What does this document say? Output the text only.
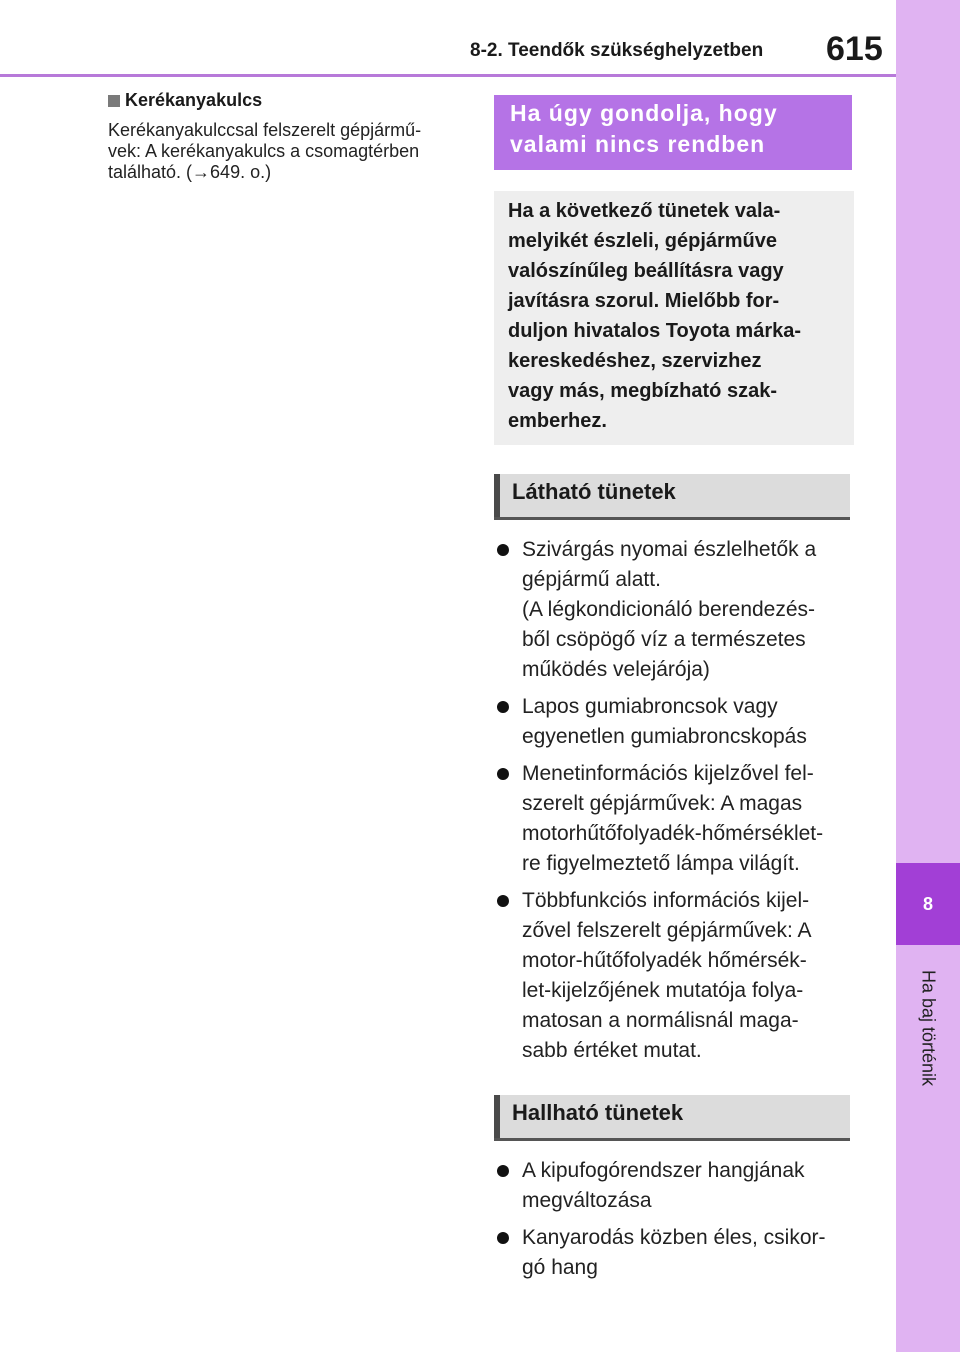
8-2. Teendők szükséghelyzetben 615
8
Ha baj történik
Kerékanyakulcs
Kerékanyakulccsal felszerelt gépjármű-
vek: A kerékanyakulcs a csomagtérben
található. (→649. o.)
Ha úgy gondolja, hogy valami nincs rendben
Ha a következő tünetek vala-
melyikét észleli, gépjárműve
valószínűleg beállításra vagy
javításra szorul. Mielőbb for-
duljon hivatalos Toyota márka-
kereskedéshez, szervizhez
vagy más, megbízható szak-
emberhez.
Látható tünetek
Szivárgás nyomai észlelhetők a
gépjármű alatt.
(A légkondicionáló berendezés-
ből csöpögő víz a természetes
működés velejárója)
Lapos gumiabroncsok vagy
egyenetlen gumiabroncskopás
Menetinformációs kijelzővel fel-
szerelt gépjárművek: A magas
motorhűtőfolyadék-hőmérséklet-
re figyelmeztető lámpa világít.
Többfunkciós információs kijel-
zővel felszerelt gépjárművek: A
motor-hűtőfolyadék hőmérsék-
let-kijelzőjének mutatója folya-
matosan a normálisnál maga-
sabb értéket mutat.
Hallható tünetek
A kipufogórendszer hangjának
megváltozása
Kanyarodás közben éles, csikor-
gó hang
